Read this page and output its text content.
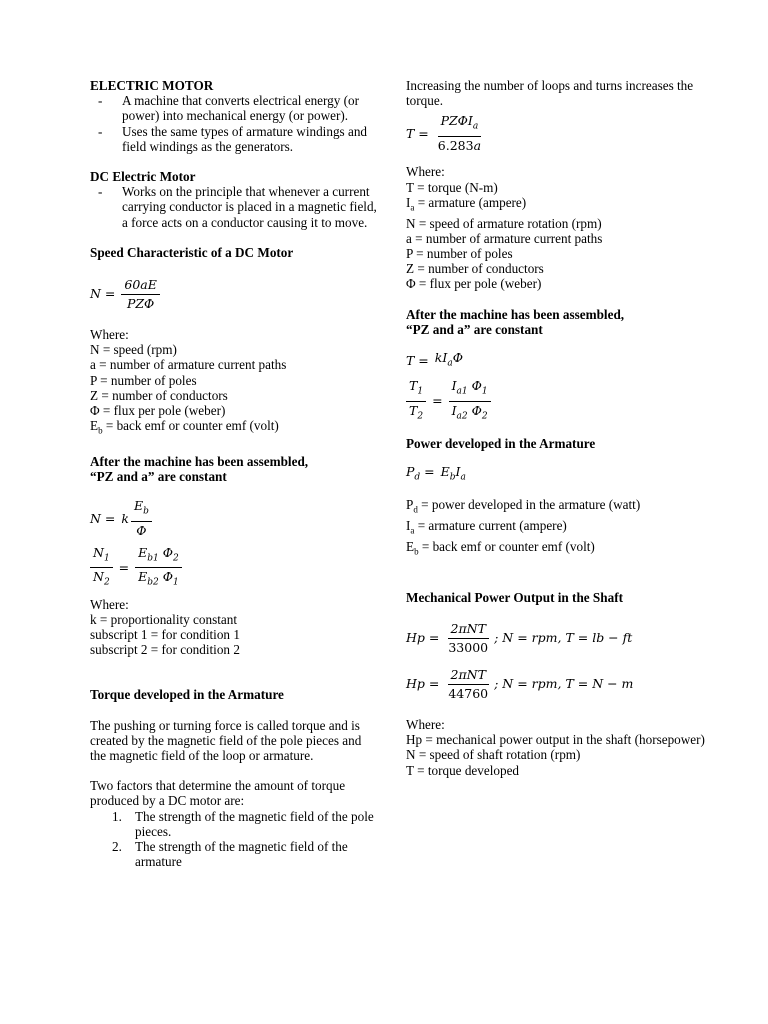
ELECTRIC MOTOR
- A machine that converts electrical energy (or power) into mechanical energy (or power).
- Uses the same types of armature windings and field windings as the generators.
DC Electric Motor
- Works on the principle that whenever a current carrying conductor is placed in a magnetic field, a force acts on a conductor causing it to move.
Speed Characteristic of a DC Motor
$N = \frac{60aE}{\text{PZΦ}}$

Where:

N = speed (rpm)

a = number of armature current paths

P = number of poles

Z = number of conductors

Φ = flux per pole (weber)

$E_b$ = back emf or counter emf (volt)

After the machine has been assembled,
“PZ and a” are constant
N = k $\frac{E_b}{\Phi}$
$\frac{N_1}{N_2} = \frac{E_{b1} \Phi_2}{E_{b2} \Phi_1}$

Where:

k = proportionality constant

subscript 1 = for condition 1

subscript 2 = for condition 2

Torque developed in the Armature

The pushing or turning force is called torque and is created by the magnetic field of the pole pieces and the magnetic field of the loop or armature.

Two factors that determine the amount of torque produced by a DC motor are:

1. The strength of the magnetic field of the pole pieces.
2. The strength of the magnetic field of the armature

Increasing the number of loops and turns increases the torque.

$T = \frac{PZ\Phi I_a}{6.283a}$

Where:

T = torque (N-m)

$I_a$ = armature (ampere)

N = speed of armature rotation (rpm)

a = number of armature current paths

P = number of poles

Z = number of conductors

Φ = flux per pole (weber)

After the machine has been assembled,
“PZ and a” are constant
$T = kI_a\Phi$
$\frac{T_1}{T_2} = \frac{I_{a1} \Phi_1}{I_{a2} \Phi_2}$
Power developed in the Armature
$P_d = E_bI_a$

$P_d$ = power developed in the armature (watt)

$I_a$ = armature current (ampere)

$E_b$ = back emf or counter emf (volt)

Mechanical Power Output in the Shaft
$Hp = \frac{\text{2πNT}}{33000}$ ; N = rpm, T = lb − ft
$Hp = \frac{\text{2πNT}}{44760}$ ; N = rpm, T = N − m

Where:

Hp = mechanical power output in the shaft (horsepower)

N = speed of shaft rotation (rpm)

T = torque developed
